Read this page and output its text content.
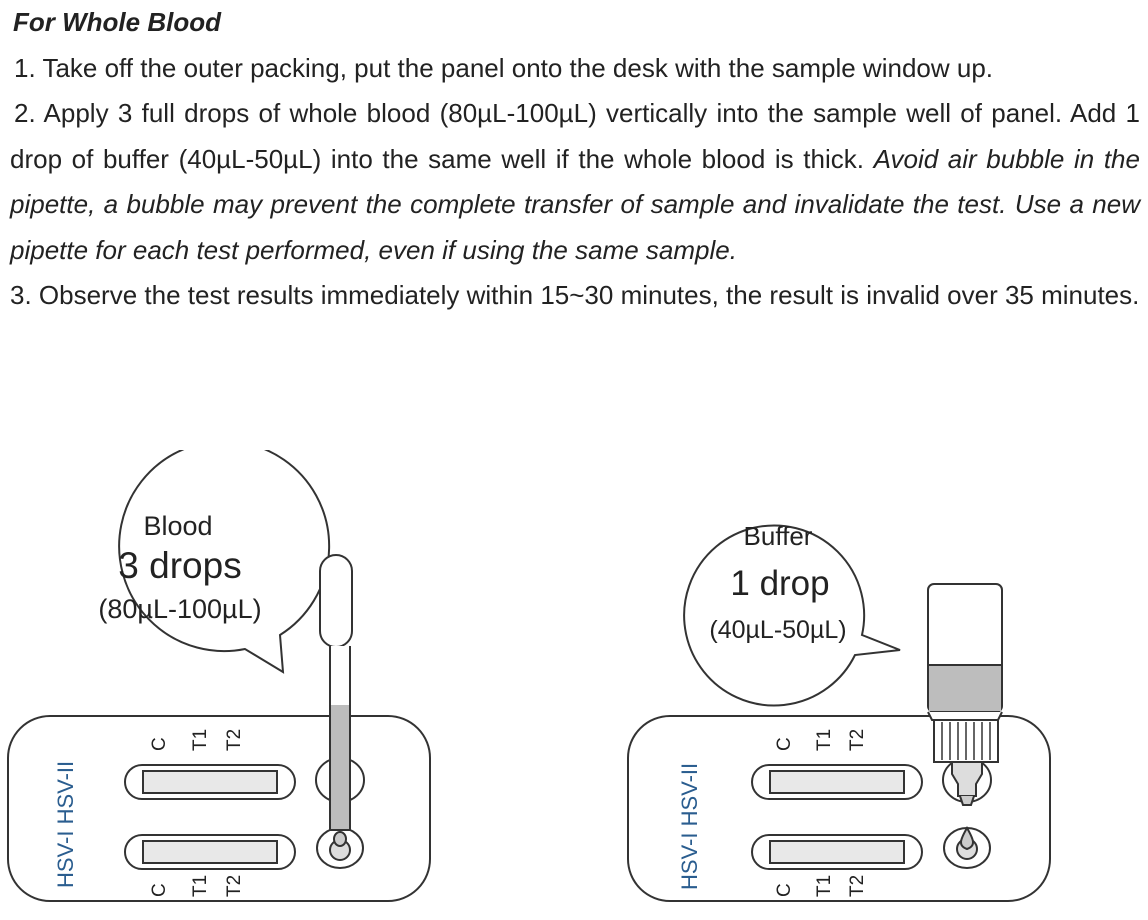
For Whole Blood

1. Take off the outer packing, put the panel onto the desk with the sample window up.

2. Apply 3 full drops of whole blood (80µL-100µL) vertically into the sample well of panel. Add 1 drop of buffer (40µL-50µL) into the same well if the whole blood is thick. Avoid air bubble in the pipette, a bubble may prevent the complete transfer of sample and invalidate the test. Use a new pipette for each test performed, even if using the same sample.

3. Observe the test results immediately within 15~30 minutes, the result is invalid over 35 minutes.

Blood
3 drops
(80µL-100µL)
HSV-I HSV-II
C T1 T2
C T1 T2
Buffer
1 drop
(40µL-50µL)
HSV-I HSV-II
C T1 T2
C T1 T2
